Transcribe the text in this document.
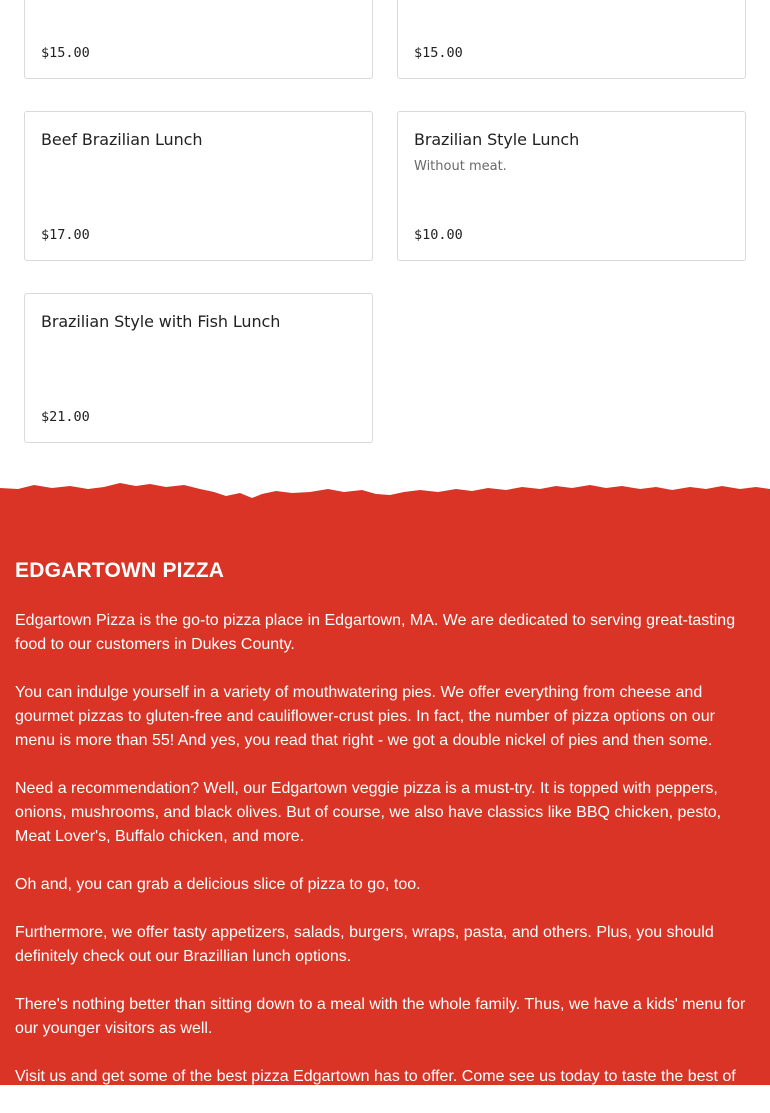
$15.00	$15.00
Beef Brazilian Lunch
$17.00
Brazilian Style Lunch
Without meat.
$10.00
Brazilian Style with Fish Lunch
$21.00
EDGARTOWN PIZZA

Edgartown Pizza is the go-to pizza place in Edgartown, MA. We are dedicated to serving great-tasting food to our customers in Dukes County.

You can indulge yourself in a variety of mouthwatering pies. We offer everything from cheese and gourmet pizzas to gluten-free and cauliflower-crust pies. In fact, the number of pizza options on our menu is more than 55! And yes, you read that right - we got a double nickel of pies and then some.

Need a recommendation? Well, our Edgartown veggie pizza is a must-try. It is topped with peppers, onions, mushrooms, and black olives. But of course, we also have classics like BBQ chicken, pesto, Meat Lover's, Buffalo chicken, and more.

Oh and, you can grab a delicious slice of pizza to go, too.

Furthermore, we offer tasty appetizers, salads, burgers, wraps, pasta, and others. Plus, you should definitely check out our Brazillian lunch options.

There's nothing better than sitting down to a meal with the whole family. Thus, we have a kids' menu for our younger visitors as well.

Visit us and get some of the best pizza Edgartown has to offer. Come see us today to taste the best of Edgartown.
